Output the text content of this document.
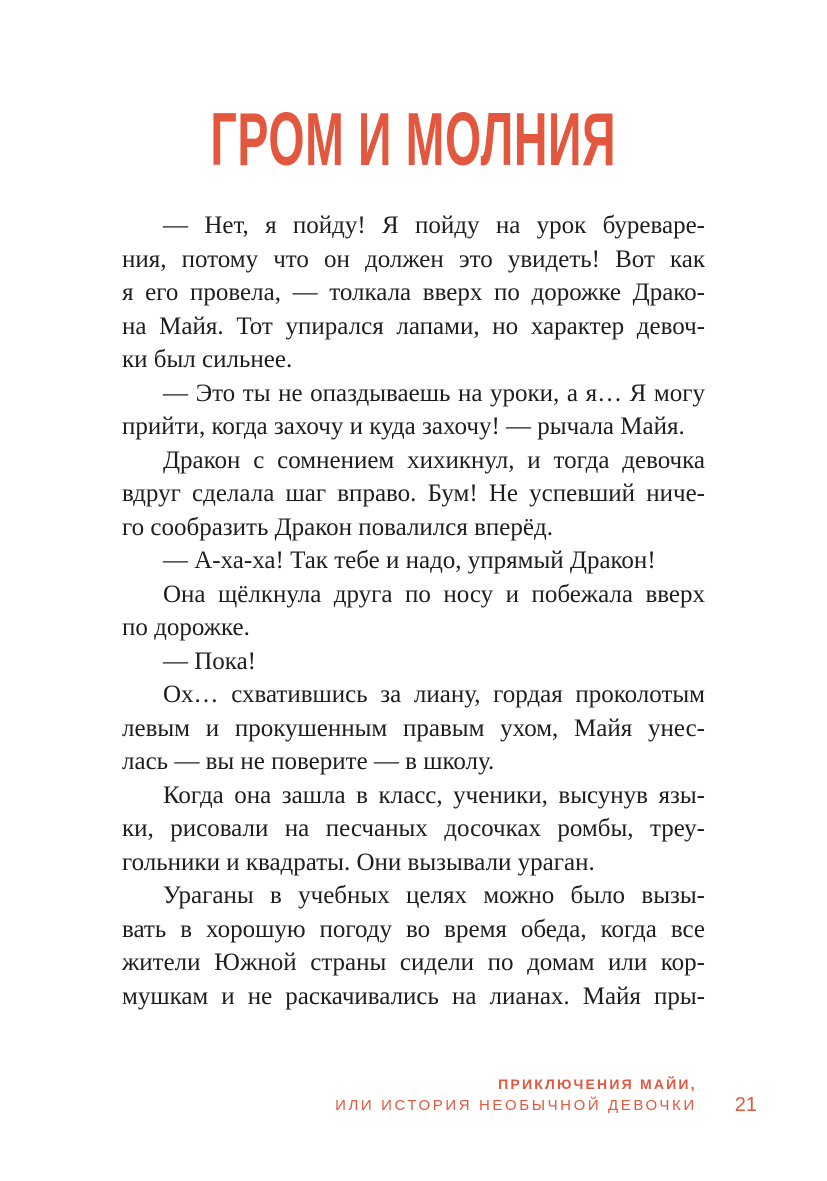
ГРОМ И МОЛНИЯ
— Нет, я пойду! Я пойду на урок буреваре-
ния, потому что он должен это увидеть! Вот как
я его провела, — толкала вверх по дорожке Драко-
на Майя. Тот упирался лапами, но характер девоч-
ки был сильнее.
— Это ты не опаздываешь на уроки, а я… Я могу
прийти, когда захочу и куда захочу! — рычала Майя.
Дракон с сомнением хихикнул, и тогда девочка
вдруг сделала шаг вправо. Бум! Не успевший ниче-
го сообразить Дракон повалился вперёд.
— А-ха-ха! Так тебе и надо, упрямый Дракон!
Она щёлкнула друга по носу и побежала вверх
по дорожке.
— Пока!
Ох… схватившись за лиану, гордая проколотым
левым и прокушенным правым ухом, Майя унес-
лась — вы не поверите — в школу.
Когда она зашла в класс, ученики, высунув язы-
ки, рисовали на песчаных досочках ромбы, треу-
гольники и квадраты. Они вызывали ураган.
Ураганы в учебных целях можно было вызы-
вать в хорошую погоду во время обеда, когда все
жители Южной страны сидели по домам или кор-
мушкам и не раскачивались на лианах. Майя пры-
ПРИКЛЮЧЕНИЯ МАЙИ,
ИЛИ ИСТОРИЯ НЕОБЫЧНОЙ ДЕВОЧКИ 21
